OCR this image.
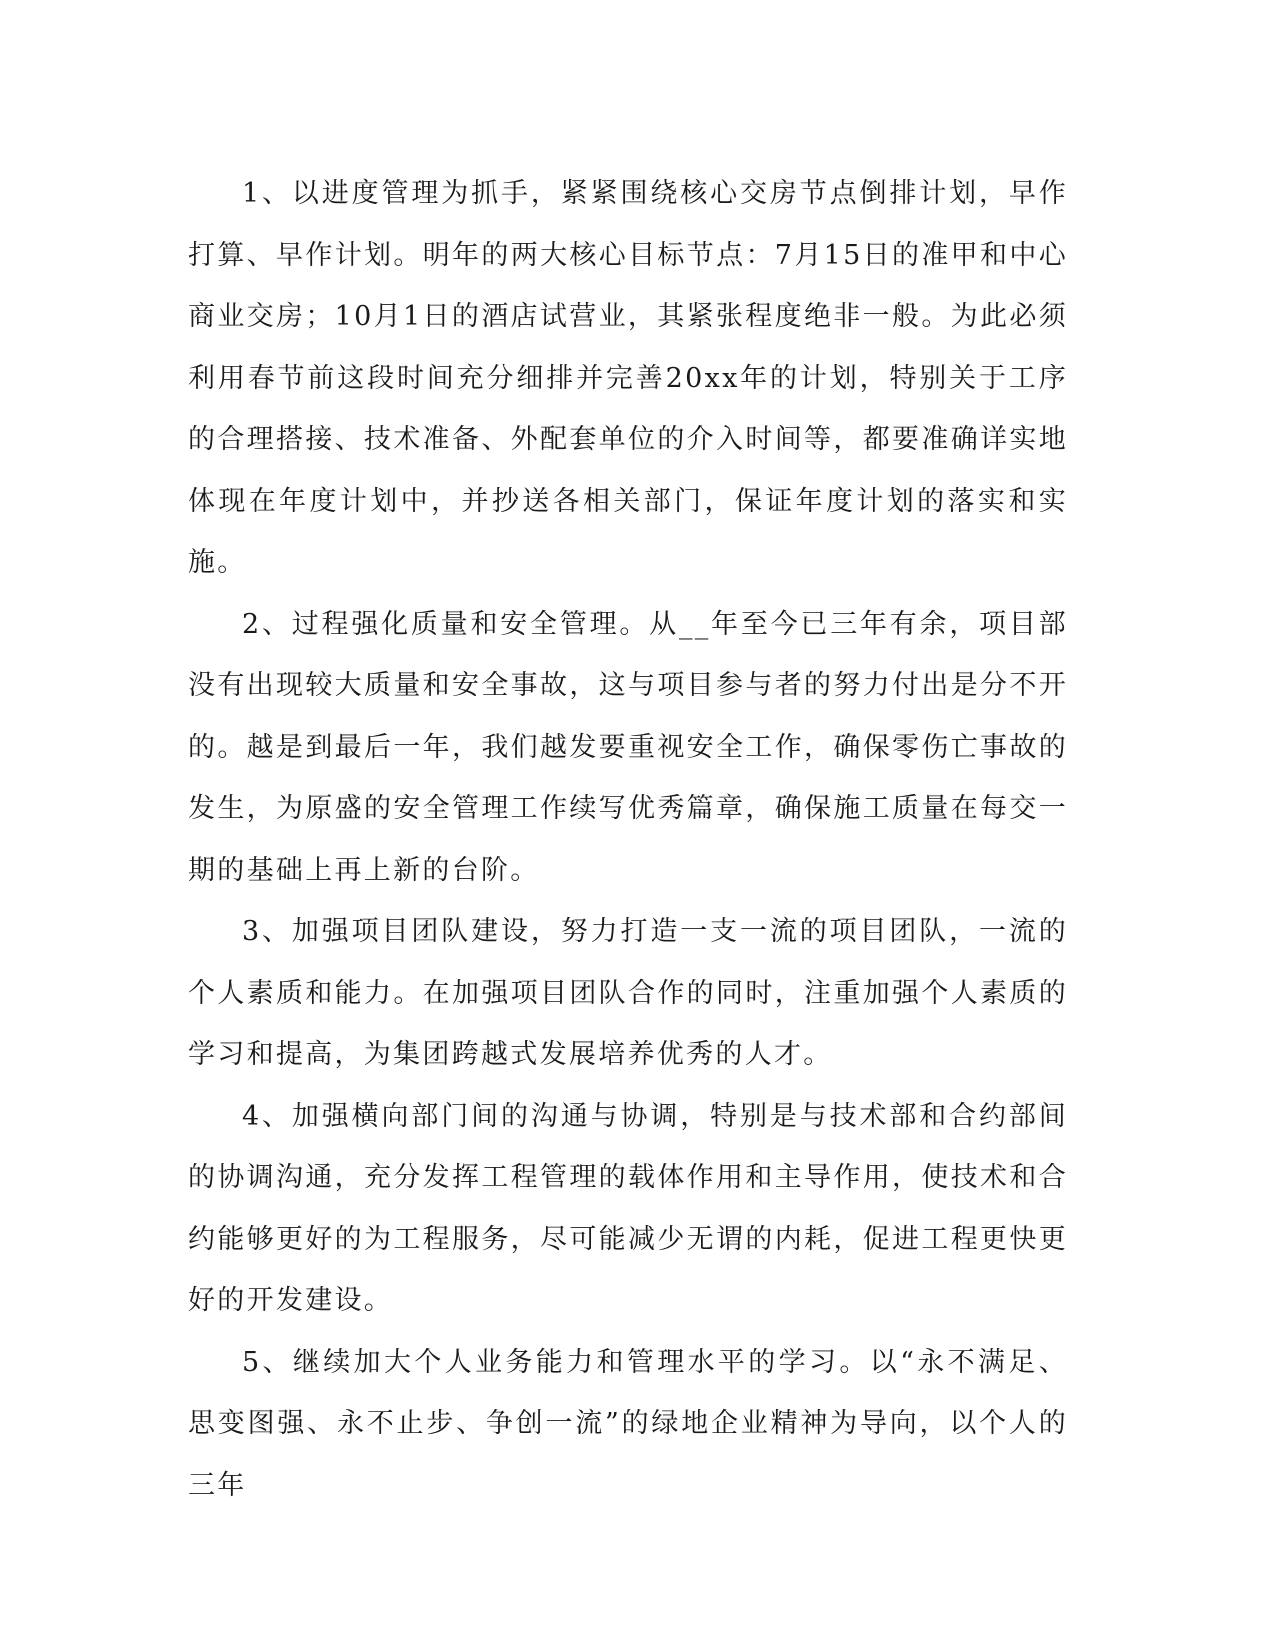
1、以进度管理为抓手，紧紧围绕核心交房节点倒排计划，早作打算、早作计划。明年的两大核心目标节点：7月15日的准甲和中心商业交房；10月1日的酒店试营业，其紧张程度绝非一般。为此必须利用春节前这段时间充分细排并完善20xx年的计划，特别关于工序的合理搭接、技术准备、外配套单位的介入时间等，都要准确详实地体现在年度计划中，并抄送各相关部门，保证年度计划的落实和实施。

2、过程强化质量和安全管理。从__年至今已三年有余，项目部没有出现较大质量和安全事故，这与项目参与者的努力付出是分不开的。越是到最后一年，我们越发要重视安全工作，确保零伤亡事故的发生，为原盛的安全管理工作续写优秀篇章，确保施工质量在每交一期的基础上再上新的台阶。

3、加强项目团队建设，努力打造一支一流的项目团队，一流的个人素质和能力。在加强项目团队合作的同时，注重加强个人素质的学习和提高，为集团跨越式发展培养优秀的人才。

4、加强横向部门间的沟通与协调，特别是与技术部和合约部间的协调沟通，充分发挥工程管理的载体作用和主导作用，使技术和合约能够更好的为工程服务，尽可能减少无谓的内耗，促进工程更快更好的开发建设。

5、继续加大个人业务能力和管理水平的学习。以“永不满足、思变图强、永不止步、争创一流”的绿地企业精神为导向，以个人的三年
